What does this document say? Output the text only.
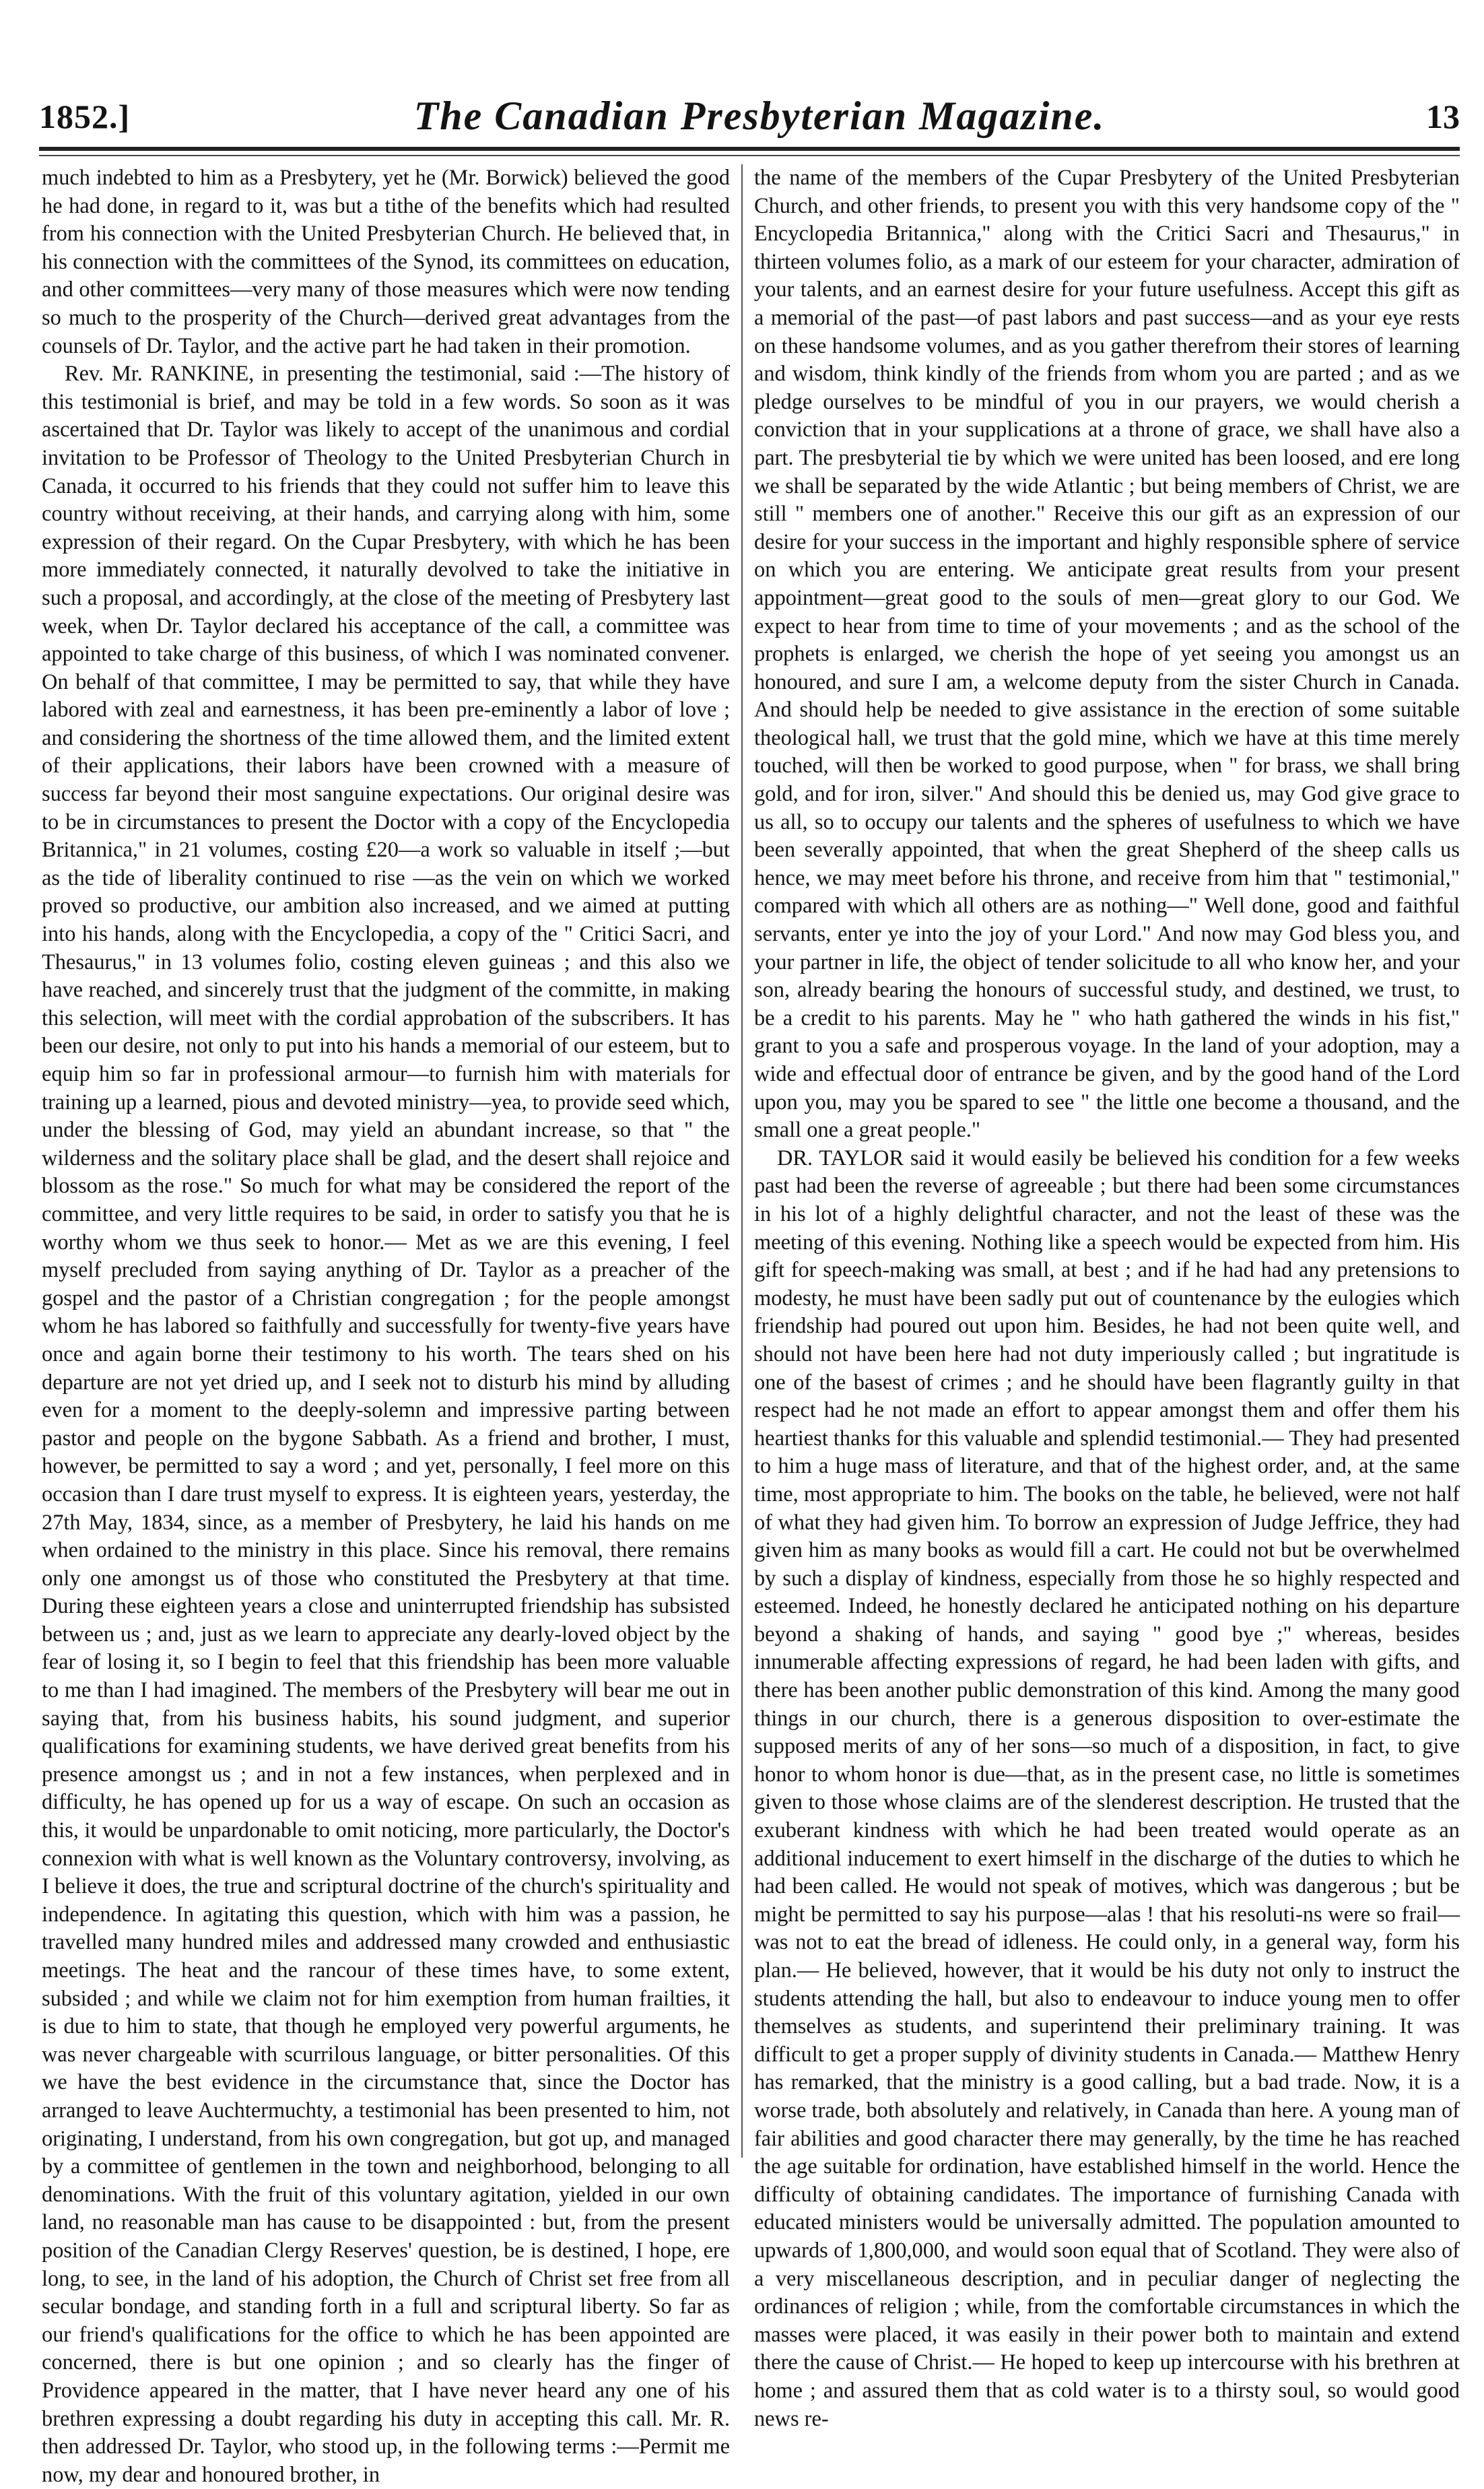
1852.]	The Canadian Presbyterian Magazine.	13

much indebted to him as a Presbytery, yet he (Mr. Borwick) believed the good he had done, in regard to it, was but a tithe of the benefits which had resulted from his connection with the United Presbyterian Church. He believed that, in his connection with the committees of the Synod, its committees on education, and other committees—very many of those measures which were now tending so much to the prosperity of the Church—derived great advantages from the counsels of Dr. Taylor, and the active part he had taken in their promotion.

Rev. Mr. RANKINE, in presenting the testimonial, said :—The history of this testimonial is brief, and may be told in a few words. So soon as it was ascertained that Dr. Taylor was likely to accept of the unanimous and cordial invitation to be Professor of Theology to the United Presbyterian Church in Canada, it occurred to his friends that they could not suffer him to leave this country without receiving, at their hands, and carrying along with him, some expression of their regard. On the Cupar Presbytery, with which he has been more immediately connected, it naturally devolved to take the initiative in such a proposal, and accordingly, at the close of the meeting of Presbytery last week, when Dr. Taylor declared his acceptance of the call, a committee was appointed to take charge of this business, of which I was nominated convener. On behalf of that committee, I may be permitted to say, that while they have labored with zeal and earnestness, it has been pre-eminently a labor of love ; and considering the shortness of the time allowed them, and the limited extent of their applications, their labors have been crowned with a measure of success far beyond their most sanguine expectations. Our original desire was to be in circumstances to present the Doctor with a copy of the Encyclopedia Britannica," in 21 volumes, costing £20—a work so valuable in itself ;—but as the tide of liberality continued to rise —as the vein on which we worked proved so productive, our ambition also increased, and we aimed at putting into his hands, along with the Encyclopedia, a copy of the " Critici Sacri, and Thesaurus," in 13 volumes folio, costing eleven guineas ; and this also we have reached, and sincerely trust that the judgment of the committe, in making this selection, will meet with the cordial approbation of the subscribers. It has been our desire, not only to put into his hands a memorial of our esteem, but to equip him so far in professional armour—to furnish him with materials for training up a learned, pious and devoted ministry—yea, to provide seed which, under the blessing of God, may yield an abundant increase, so that " the wilderness and the solitary place shall be glad, and the desert shall rejoice and blossom as the rose." So much for what may be considered the report of the committee, and very little requires to be said, in order to satisfy you that he is worthy whom we thus seek to honor.— Met as we are this evening, I feel myself precluded from saying anything of Dr. Taylor as a preacher of the gospel and the pastor of a Christian congregation ; for the people amongst whom he has labored so faithfully and successfully for twenty-five years have once and again borne their testimony to his worth. The tears shed on his departure are not yet dried up, and I seek not to disturb his mind by alluding even for a moment to the deeply-solemn and impressive parting between pastor and people on the bygone Sabbath. As a friend and brother, I must, however, be permitted to say a word ; and yet, personally, I feel more on this occasion than I dare trust myself to express. It is eighteen years, yesterday, the 27th May, 1834, since, as a member of Presbytery, he laid his hands on me when ordained to the ministry in this place. Since his removal, there remains only one amongst us of those who constituted the Presbytery at that time. During these eighteen years a close and uninterrupted friendship has subsisted between us ; and, just as we learn to appreciate any dearly-loved object by the fear of losing it, so I begin to feel that this friendship has been more valuable to me than I had imagined. The members of the Presbytery will bear me out in saying that, from his business habits, his sound judgment, and superior qualifications for examining students, we have derived great benefits from his presence amongst us ; and in not a few instances, when perplexed and in difficulty, he has opened up for us a way of escape. On such an occasion as this, it would be unpardonable to omit noticing, more particularly, the Doctor's connexion with what is well known as the Voluntary controversy, involving, as I believe it does, the true and scriptural doctrine of the church's spirituality and independence. In agitating this question, which with him was a passion, he travelled many hundred miles and addressed many crowded and enthusiastic meetings. The heat and the rancour of these times have, to some extent, subsided ; and while we claim not for him exemption from human frailties, it is due to him to state, that though he employed very powerful arguments, he was never chargeable with scurrilous language, or bitter personalities. Of this we have the best evidence in the circumstance that, since the Doctor has arranged to leave Auchtermuchty, a testimonial has been presented to him, not originating, I understand, from his own congregation, but got up, and managed by a committee of gentlemen in the town and neighborhood, belonging to all denominations. With the fruit of this voluntary agitation, yielded in our own land, no reasonable man has cause to be disappointed : but, from the present position of the Canadian Clergy Reserves' question, be is destined, I hope, ere long, to see, in the land of his adoption, the Church of Christ set free from all secular bondage, and standing forth in a full and scriptural liberty. So far as our friend's qualifications for the office to which he has been appointed are concerned, there is but one opinion ; and so clearly has the finger of Providence appeared in the matter, that I have never heard any one of his brethren expressing a doubt regarding his duty in accepting this call. Mr. R. then addressed Dr. Taylor, who stood up, in the following terms :—Permit me now, my dear and honoured brother, in

the name of the members of the Cupar Presbytery of the United Presbyterian Church, and other friends, to present you with this very handsome copy of the " Encyclopedia Britannica," along with the Critici Sacri and Thesaurus," in thirteen volumes folio, as a mark of our esteem for your character, admiration of your talents, and an earnest desire for your future usefulness. Accept this gift as a memorial of the past—of past labors and past success—and as your eye rests on these handsome volumes, and as you gather therefrom their stores of learning and wisdom, think kindly of the friends from whom you are parted ; and as we pledge ourselves to be mindful of you in our prayers, we would cherish a conviction that in your supplications at a throne of grace, we shall have also a part. The presbyterial tie by which we were united has been loosed, and ere long we shall be separated by the wide Atlantic ; but being members of Christ, we are still " members one of another." Receive this our gift as an expression of our desire for your success in the important and highly responsible sphere of service on which you are entering. We anticipate great results from your present appointment—great good to the souls of men—great glory to our God. We expect to hear from time to time of your movements ; and as the school of the prophets is enlarged, we cherish the hope of yet seeing you amongst us an honoured, and sure I am, a welcome deputy from the sister Church in Canada. And should help be needed to give assistance in the erection of some suitable theological hall, we trust that the gold mine, which we have at this time merely touched, will then be worked to good purpose, when " for brass, we shall bring gold, and for iron, silver." And should this be denied us, may God give grace to us all, so to occupy our talents and the spheres of usefulness to which we have been severally appointed, that when the great Shepherd of the sheep calls us hence, we may meet before his throne, and receive from him that " testimonial," compared with which all others are as nothing—" Well done, good and faithful servants, enter ye into the joy of your Lord." And now may God bless you, and your partner in life, the object of tender solicitude to all who know her, and your son, already bearing the honours of successful study, and destined, we trust, to be a credit to his parents. May he " who hath gathered the winds in his fist," grant to you a safe and prosperous voyage. In the land of your adoption, may a wide and effectual door of entrance be given, and by the good hand of the Lord upon you, may you be spared to see " the little one become a thousand, and the small one a great people."

DR. TAYLOR said it would easily be believed his condition for a few weeks past had been the reverse of agreeable ; but there had been some circumstances in his lot of a highly delightful character, and not the least of these was the meeting of this evening. Nothing like a speech would be expected from him. His gift for speech-making was small, at best ; and if he had had any pretensions to modesty, he must have been sadly put out of countenance by the eulogies which friendship had poured out upon him. Besides, he had not been quite well, and should not have been here had not duty imperiously called ; but ingratitude is one of the basest of crimes ; and he should have been flagrantly guilty in that respect had he not made an effort to appear amongst them and offer them his heartiest thanks for this valuable and splendid testimonial.— They had presented to him a huge mass of literature, and that of the highest order, and, at the same time, most appropriate to him. The books on the table, he believed, were not half of what they had given him. To borrow an expression of Judge Jeffrice, they had given him as many books as would fill a cart. He could not but be overwhelmed by such a display of kindness, especially from those he so highly respected and esteemed. Indeed, he honestly declared he anticipated nothing on his departure beyond a shaking of hands, and saying " good bye ;" whereas, besides innumerable affecting expressions of regard, he had been laden with gifts, and there has been another public demonstration of this kind. Among the many good things in our church, there is a generous disposition to over-estimate the supposed merits of any of her sons—so much of a disposition, in fact, to give honor to whom honor is due—that, as in the present case, no little is sometimes given to those whose claims are of the slenderest description. He trusted that the exuberant kindness with which he had been treated would operate as an additional inducement to exert himself in the discharge of the duties to which he had been called. He would not speak of motives, which was dangerous ; but be might be permitted to say his purpose—alas ! that his resoluti-ns were so frail—was not to eat the bread of idleness. He could only, in a general way, form his plan.— He believed, however, that it would be his duty not only to instruct the students attending the hall, but also to endeavour to induce young men to offer themselves as students, and superintend their preliminary training. It was difficult to get a proper supply of divinity students in Canada.— Matthew Henry has remarked, that the ministry is a good calling, but a bad trade. Now, it is a worse trade, both absolutely and relatively, in Canada than here. A young man of fair abilities and good character there may generally, by the time he has reached the age suitable for ordination, have established himself in the world. Hence the difficulty of obtaining candidates. The importance of furnishing Canada with educated ministers would be universally admitted. The population amounted to upwards of 1,800,000, and would soon equal that of Scotland. They were also of a very miscellaneous description, and in peculiar danger of neglecting the ordinances of religion ; while, from the comfortable circumstances in which the masses were placed, it was easily in their power both to maintain and extend there the cause of Christ.— He hoped to keep up intercourse with his brethren at home ; and assured them that as cold water is to a thirsty soul, so would good news re-
